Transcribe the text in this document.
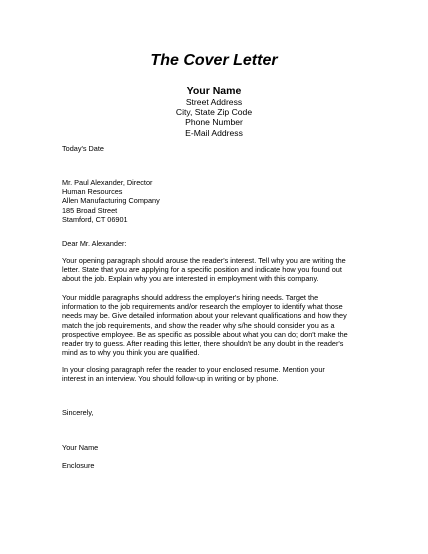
The Cover Letter
Your Name
Street Address
City, State Zip Code
Phone Number
E-Mail Address
Today's Date
Mr. Paul Alexander, Director
Human Resources
Allen Manufacturing Company
185 Broad Street
Stamford, CT 06901
Dear Mr. Alexander:
Your opening paragraph should arouse the reader's interest. Tell why you are writing the
letter. State that you are applying for a specific position and indicate how you found out
about the job. Explain why you are interested in employment with this company.
Your middle paragraphs should address the employer's hiring needs. Target the
information to the job requirements and/or research the employer to identify what those
needs may be. Give detailed information about your relevant qualifications and how they
match the job requirements, and show the reader why s/he should consider you as a
prospective employee. Be as specific as possible about what you can do; don't make the
reader try to guess. After reading this letter, there shouldn't be any doubt in the reader's
mind as to why you think you are qualified.
In your closing paragraph refer the reader to your enclosed resume. Mention your
interest in an interview. You should follow-up in writing or by phone.
Sincerely,
Your Name
Enclosure
